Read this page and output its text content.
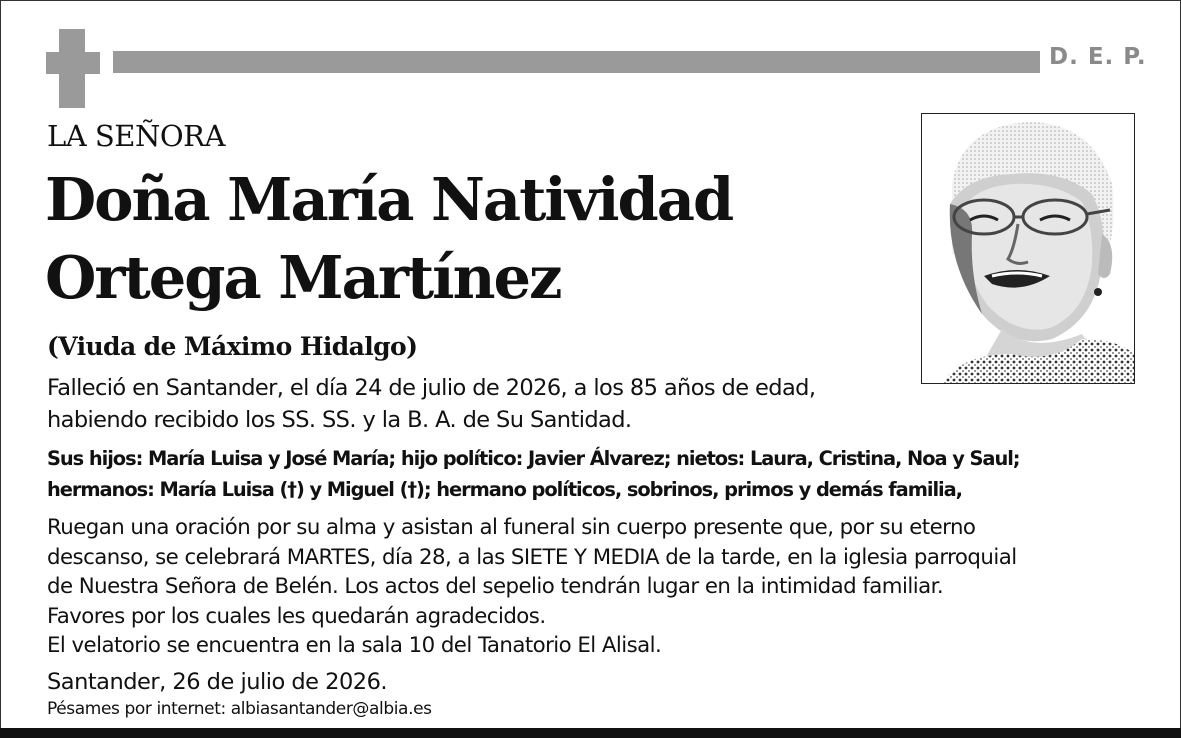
D. E. P.
LA SEÑORA
Doña María Natividad
Ortega Martínez
(Viuda de Máximo Hidalgo)
Falleció en Santander, el día 24 de julio de 2026, a los 85 años de edad,
habiendo recibido los SS. SS. y la B. A. de Su Santidad.
Sus hijos: María Luisa y José María; hijo político: Javier Álvarez; nietos: Laura, Cristina, Noa y Saul;
hermanos: María Luisa (†) y Miguel (†); hermano políticos, sobrinos, primos y demás familia,
Ruegan una oración por su alma y asistan al funeral sin cuerpo presente que, por su eterno
descanso, se celebrará MARTES, día 28, a las SIETE Y MEDIA de la tarde, en la iglesia parroquial
de Nuestra Señora de Belén. Los actos del sepelio tendrán lugar en la intimidad familiar.
Favores por los cuales les quedarán agradecidos.
El velatorio se encuentra en la sala 10 del Tanatorio El Alisal.
Santander, 26 de julio de 2026.
Pésames por internet: albiasantander@albia.es
